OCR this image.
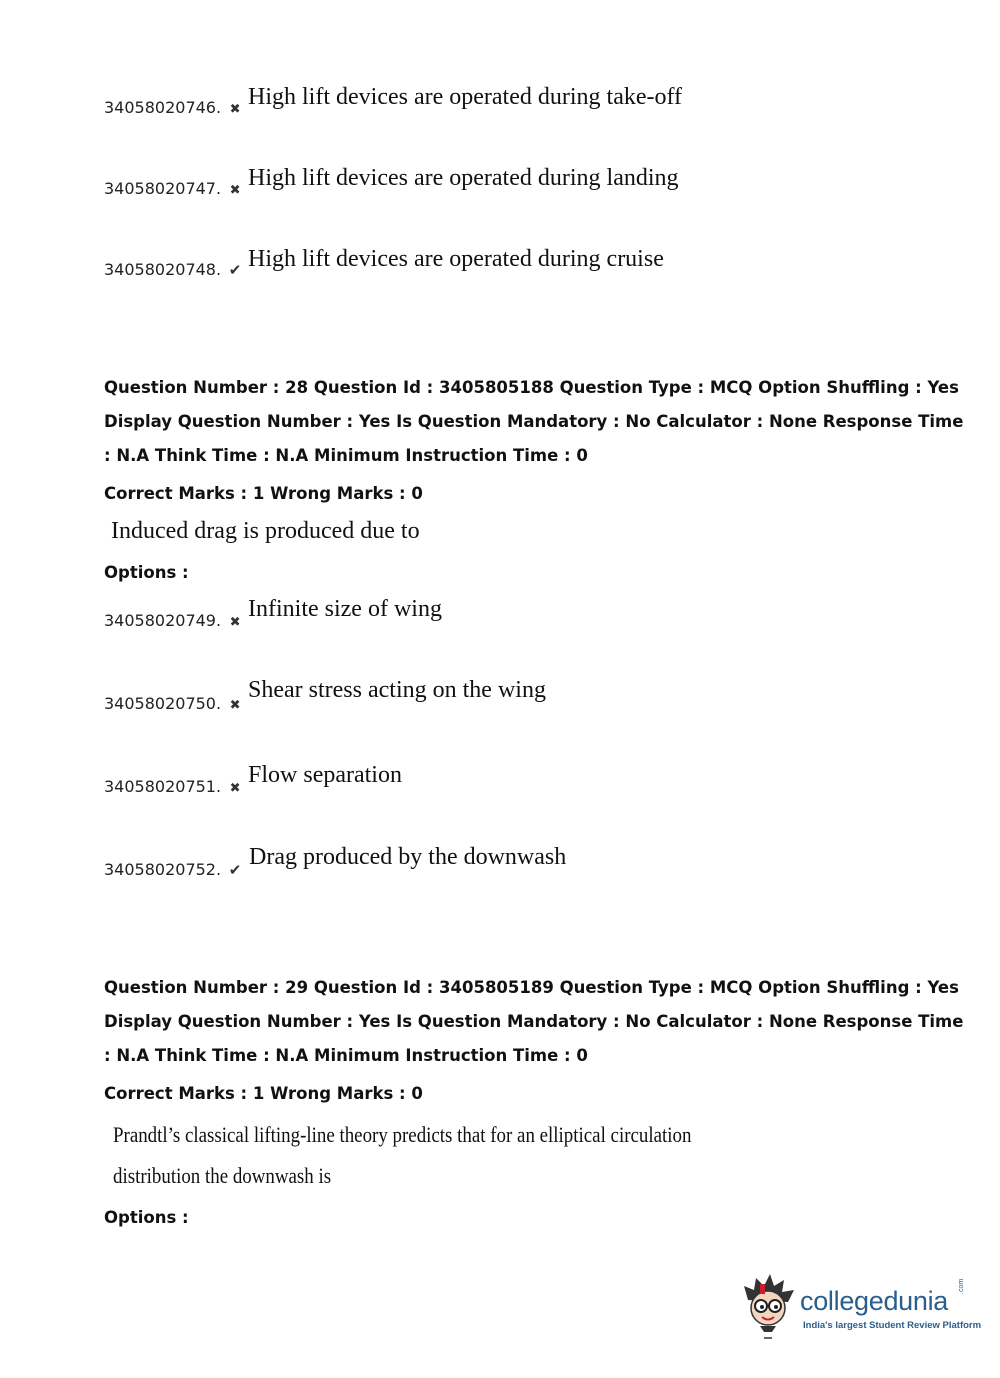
34058020746. ✖ High lift devices are operated during take-off
34058020747. ✖ High lift devices are operated during landing
34058020748. ✔ High lift devices are operated during cruise
Question Number : 28 Question Id : 3405805188 Question Type : MCQ Option Shuffling : Yes
Display Question Number : Yes Is Question Mandatory : No Calculator : None Response Time
: N.A Think Time : N.A Minimum Instruction Time : 0
Correct Marks : 1 Wrong Marks : 0
Induced drag is produced due to
Options :
34058020749. ✖
Infinite size of wing
34058020750. ✖
Shear stress acting on the wing
34058020751. ✖
Flow separation
34058020752. ✔ Drag produced by the downwash
Question Number : 29 Question Id : 3405805189 Question Type : MCQ Option Shuffling : Yes
Display Question Number : Yes Is Question Mandatory : No Calculator : None Response Time
: N.A Think Time : N.A Minimum Instruction Time : 0
Correct Marks : 1 Wrong Marks : 0
Prandtl’s classical lifting-line theory predicts that for an elliptical circulation
distribution the downwash is
Options :
collegedunia .com
India's largest Student Review Platform
